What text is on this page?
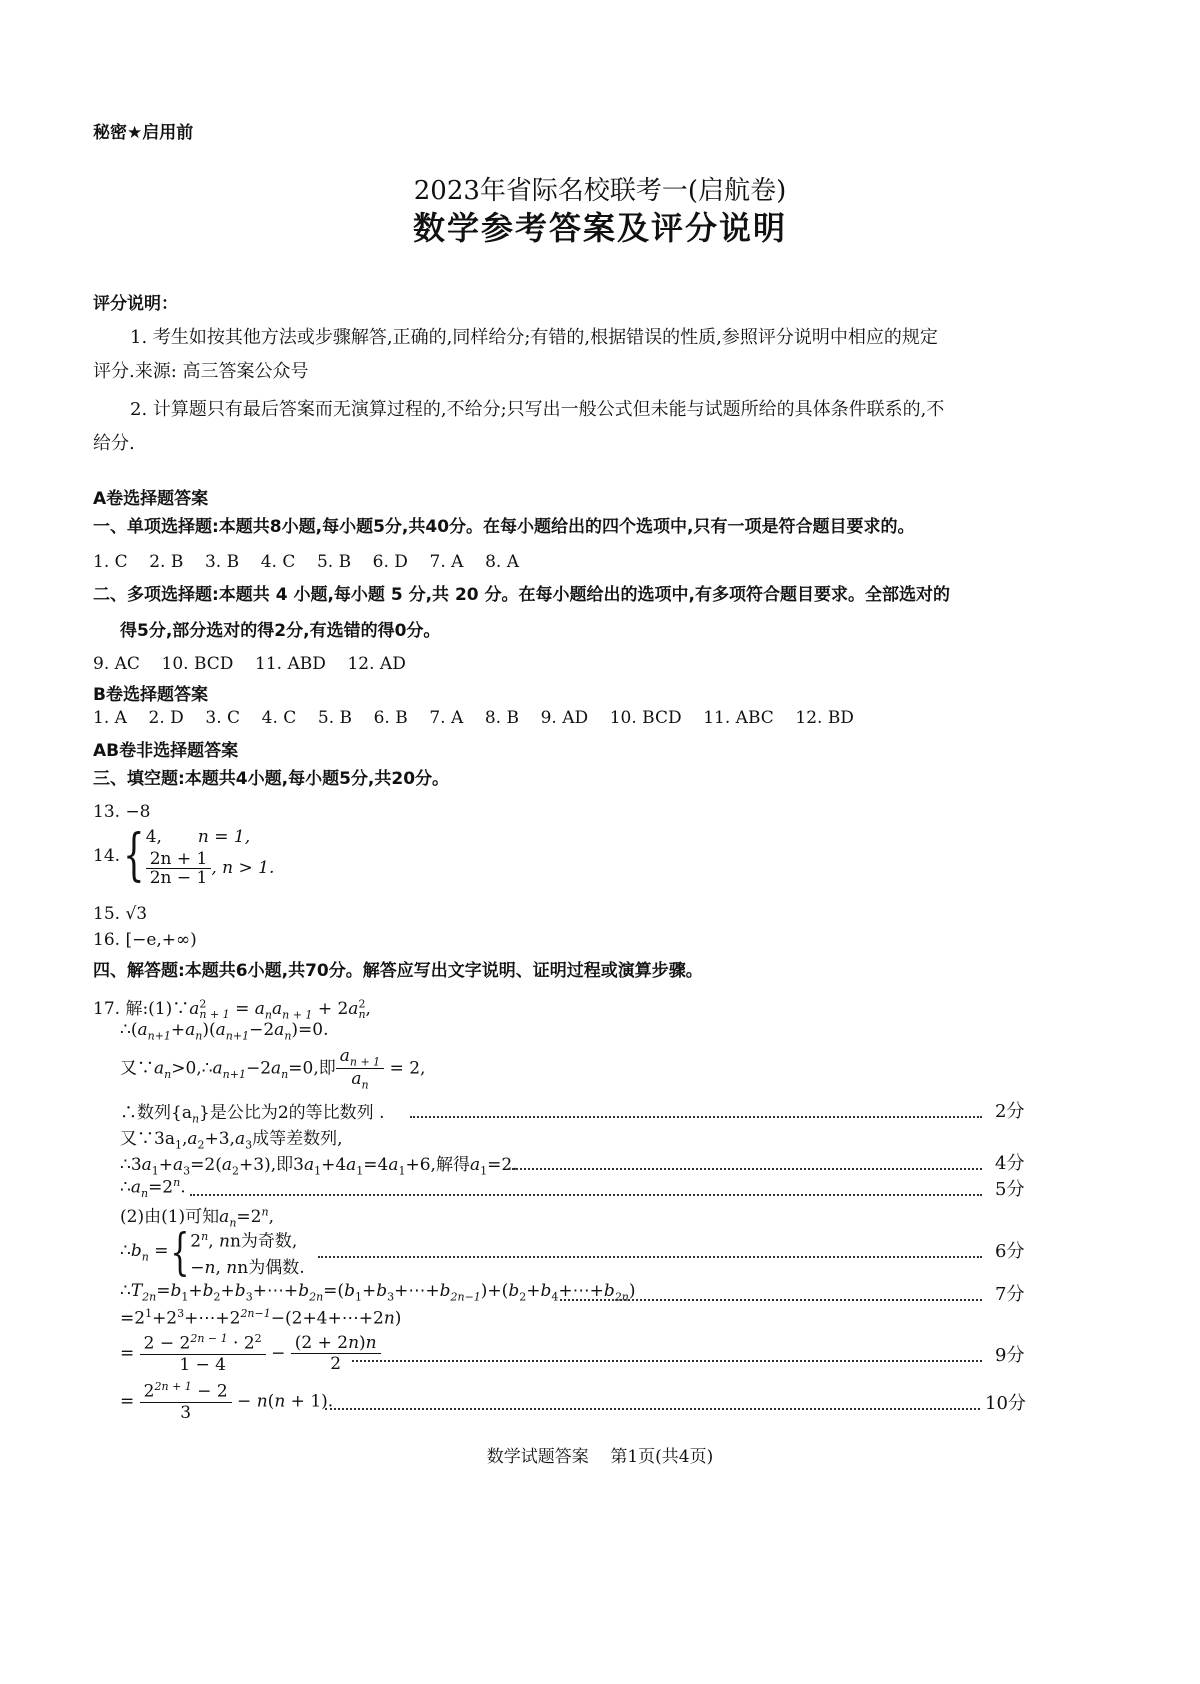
秘密★启用前
2023年省际名校联考一(启航卷)
数学参考答案及评分说明
评分说明：
1. 考生如按其他方法或步骤解答,正确的,同样给分;有错的,根据错误的性质,参照评分说明中相应的规定
评分.来源: 高三答案公众号
2. 计算题只有最后答案而无演算过程的,不给分;只写出一般公式但未能与试题所给的具体条件联系的,不
给分.
A卷选择题答案
一、单项选择题:本题共8小题,每小题5分,共40分。在每小题给出的四个选项中,只有一项是符合题目要求的。
1. C    2. B    3. B    4. C    5. B    6. D    7. A    8. A
二、多项选择题:本题共 4 小题,每小题 5 分,共 20 分。在每小题给出的选项中,有多项符合题目要求。全部选对的
得5分,部分选对的得2分,有选错的得0分。
9. AC    10. BCD    11. ABD    12. AD
B卷选择题答案
1. A    2. D    3. C    4. C    5. B    6. B    7. A    8. B    9. AD    10. BCD    11. ABC    12. BD
AB卷非选择题答案
三、填空题:本题共4小题,每小题5分,共20分。
13. −8
14.{ 4, n = 1,
$\frac{2n + 1}{2n - 1}$ , n > 1.
15. √3
16. [−e,+∞)
四、解答题:本题共6小题,共70分。解答应写出文字说明、证明过程或演算步骤。
17. 解$:(1)\because a^2_{n + 1} = a_na_{n + 1} + 2a^2_n$,
$\therefore(a_{n+1}+a_n)(a_{n+1}-2a_n)=0$.
又$\because a_n>0,\therefore a_{n+1}-2a_n=0$,即 $\frac{a_{n + 1}}{a_n} = 2$,
∴数列$\{a_n\}$是公比为2的等比数列 .	2分
又$\because 3a_1,a_2+3,a_3$成等差数列,
$\therefore 3a_1+a_3=2(a_2+3)$,即$3a_1+4a_1=4a_1+6$,解得$a_1=2$.	4分
$\therefore a_n=2^n$.	5分
(2)由(1)可知$a_n=2^n$,
$\therefore b_n$ ={ 2$^n$, nn为奇数,
−n, nn为偶数.
6分
$\therefore T_{2n}=b_1+b_2+b_3+\cdots+b_{2n}=(b_1+b_3+\cdots+b_{2n-1})+(b_2+b_4+\cdots+b_{2n})$	7分
$=2^1+2^3+\cdots+2^{2n-1}-(2+4+\cdots+2n)$
= $\frac{2 - 2^{2n - 1} \cdot 2^2}{1 - 4} - \frac{(2 + 2n)n}{2}$	9分
= $\frac{2^{2n + 1} - 2}{3} - n(n + 1)$.	10分
数学试题答案    第1页(共4页)
